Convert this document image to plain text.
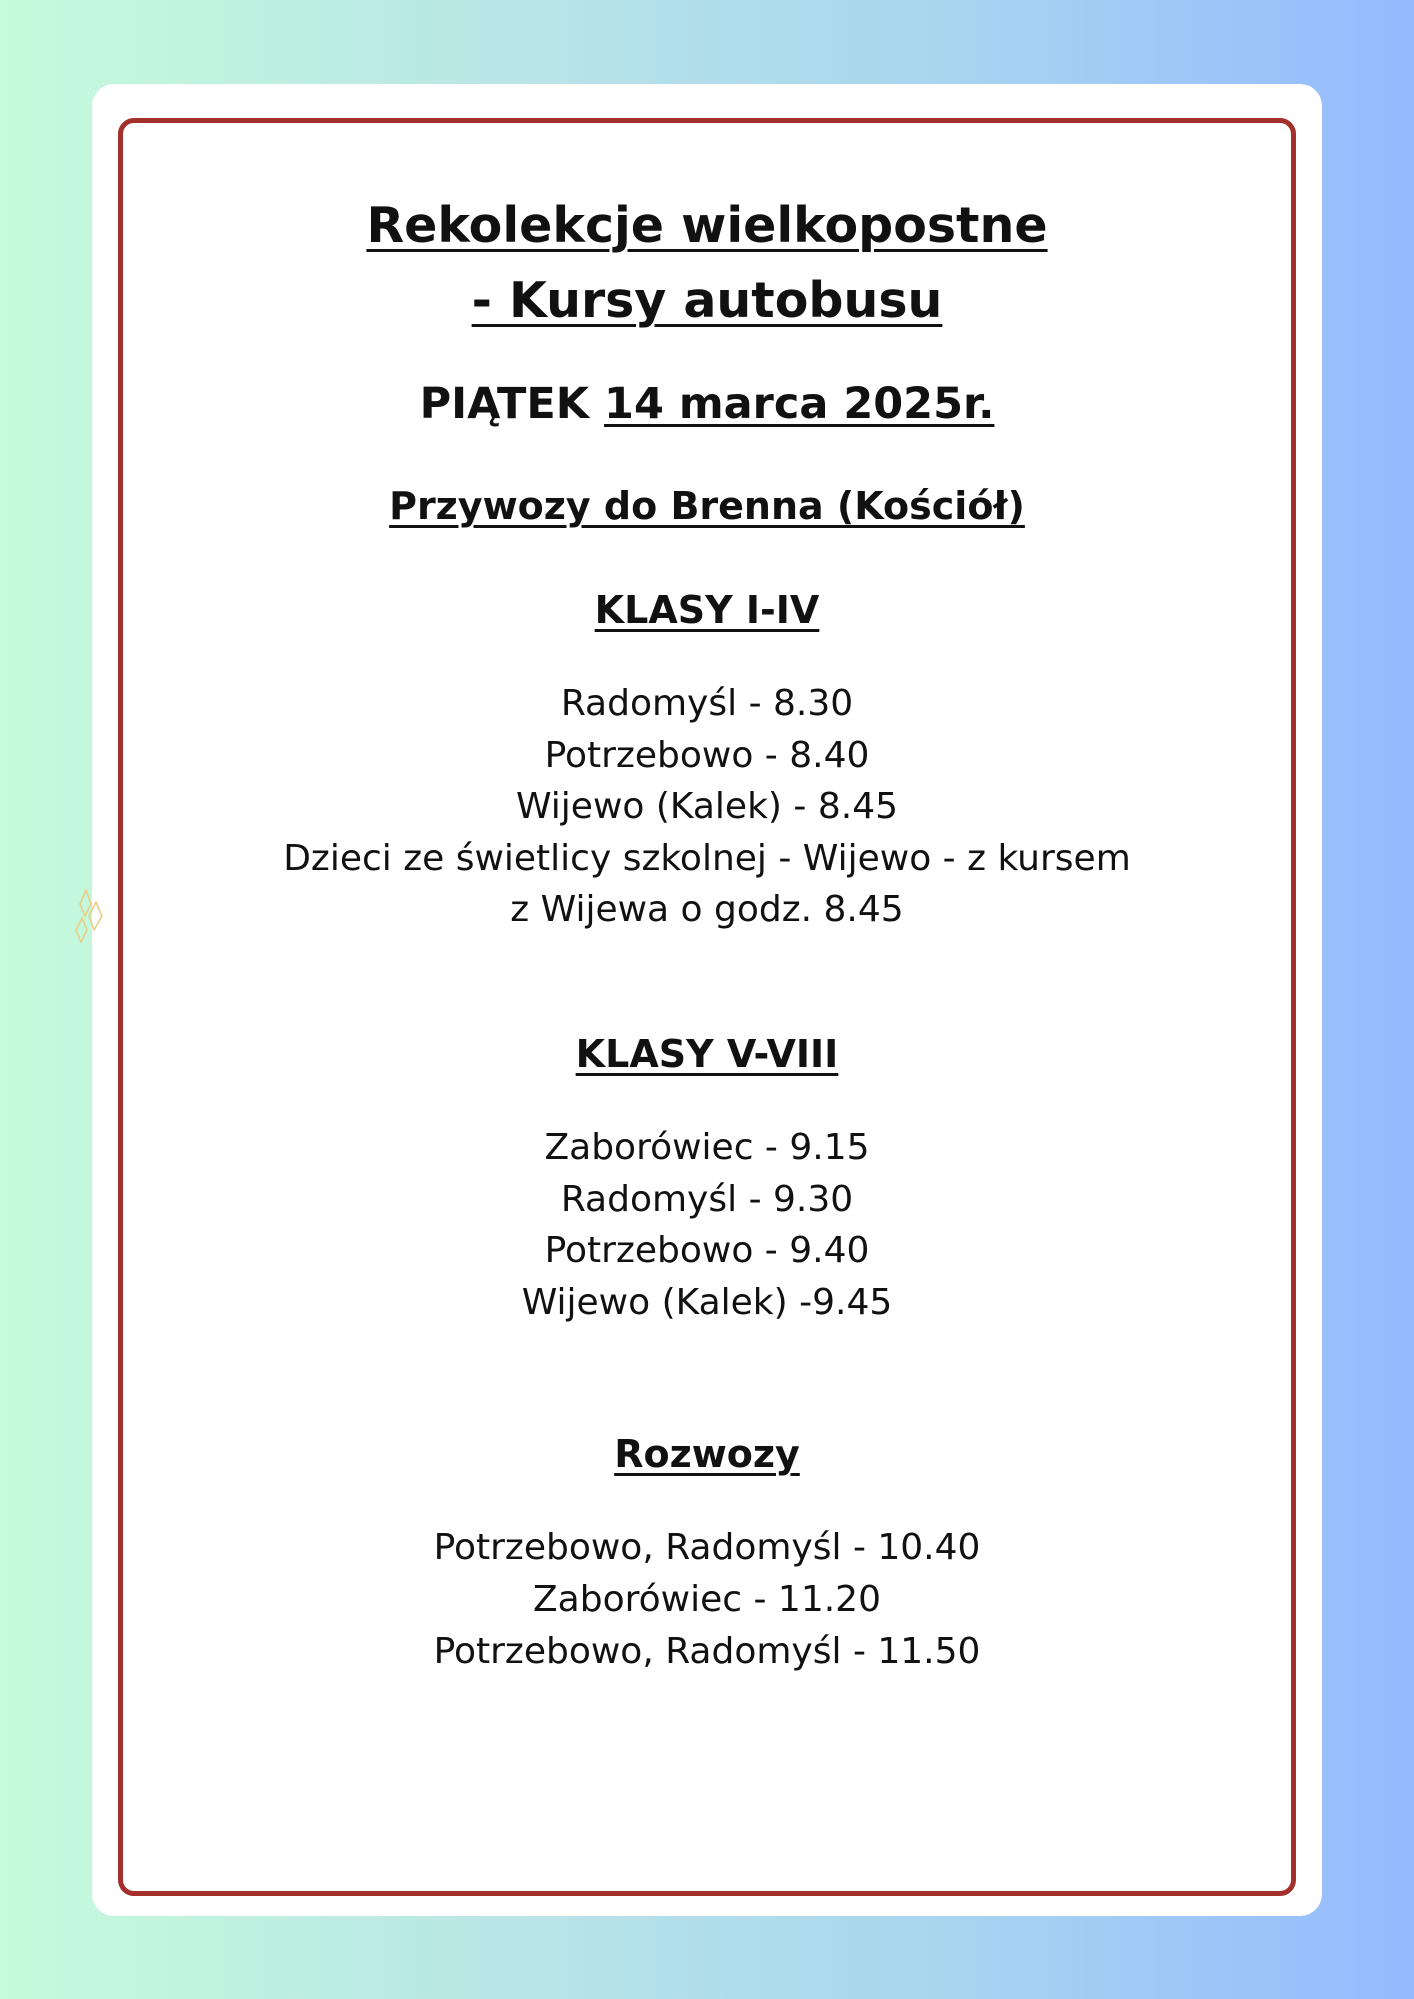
Rekolekcje wielkopostne
- Kursy autobusu

PIĄTEK 14 marca 2025r.

Przywozy do Brenna (Kościół)
KLASY I-IV
Radomyśl - 8.30
Potrzebowo - 8.40
Wijewo (Kalek) - 8.45
Dzieci ze świetlicy szkolnej - Wijewo - z kursem
z Wijewa o godz. 8.45
KLASY V-VIII
Zaborówiec - 9.15
Radomyśl - 9.30
Potrzebowo - 9.40
Wijewo (Kalek) -9.45
Rozwozy
Potrzebowo, Radomyśl - 10.40
Zaborówiec - 11.20
Potrzebowo, Radomyśl - 11.50
